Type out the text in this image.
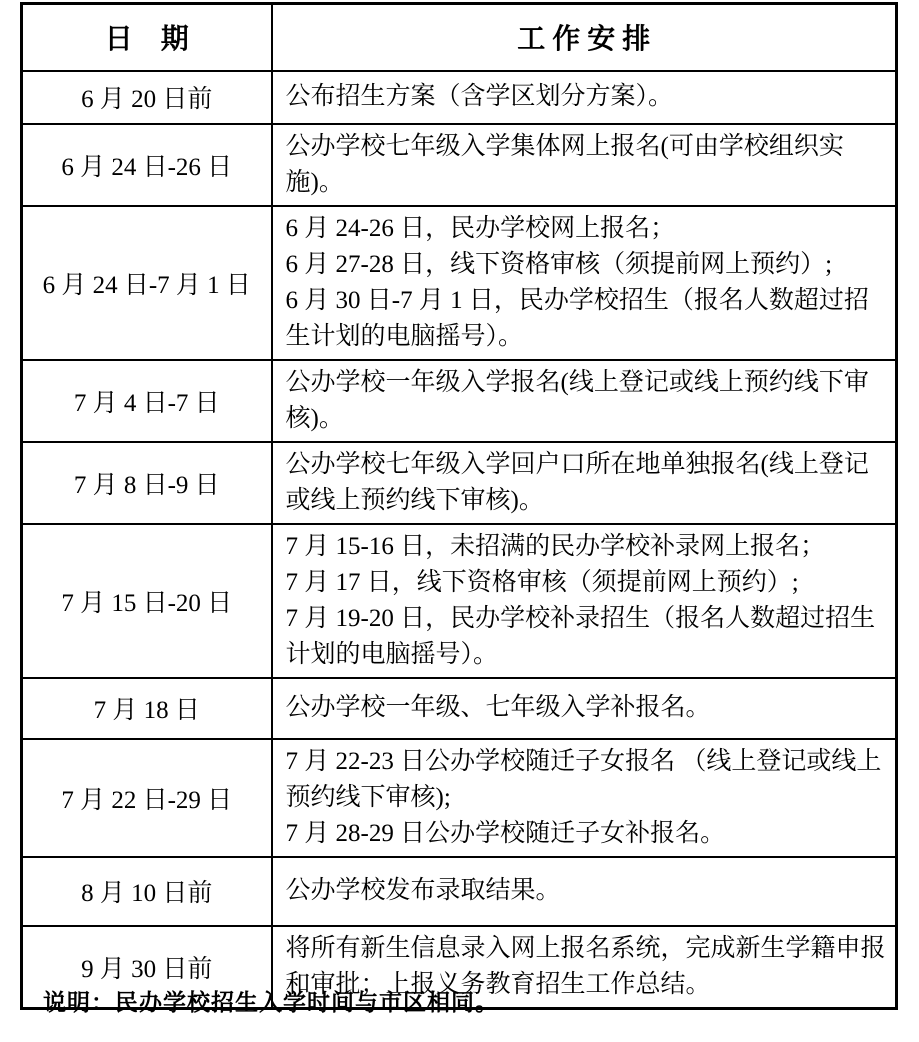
日　期	工 作 安 排
6 月 20 日前	公布招生方案（含学区划分方案）。

6 月 24 日-26 日	公办学校七年级入学集体网上报名(可由学校组织实施)。

6 月 24 日-7 月 1 日	6 月 24-26 日，民办学校网上报名；
6 月 27-28 日，线下资格审核（须提前网上预约）;
6 月 30 日-7 月 1 日，民办学校招生（报名人数超过招生计划的电脑摇号）。

7 月 4 日-7 日	公办学校一年级入学报名(线上登记或线上预约线下审核)。

7 月 8 日-9 日	公办学校七年级入学回户口所在地单独报名(线上登记或线上预约线下审核)。

7 月 15 日-20 日	7 月 15-16 日，未招满的民办学校补录网上报名；
7 月 17 日，线下资格审核（须提前网上预约）;
7 月 19-20 日，民办学校补录招生（报名人数超过招生计划的电脑摇号）。

7 月 18 日	公办学校一年级、七年级入学补报名。

7 月 22 日-29 日	7 月 22-23 日公办学校随迁子女报名 （线上登记或线上预约线下审核);
7 月 28-29 日公办学校随迁子女补报名。

8 月 10 日前	公办学校发布录取结果。

9 月 30 日前	将所有新生信息录入网上报名系统，完成新生学籍申报和审批；上报义务教育招生工作总结。
说明：民办学校招生入学时间与市区相同。
